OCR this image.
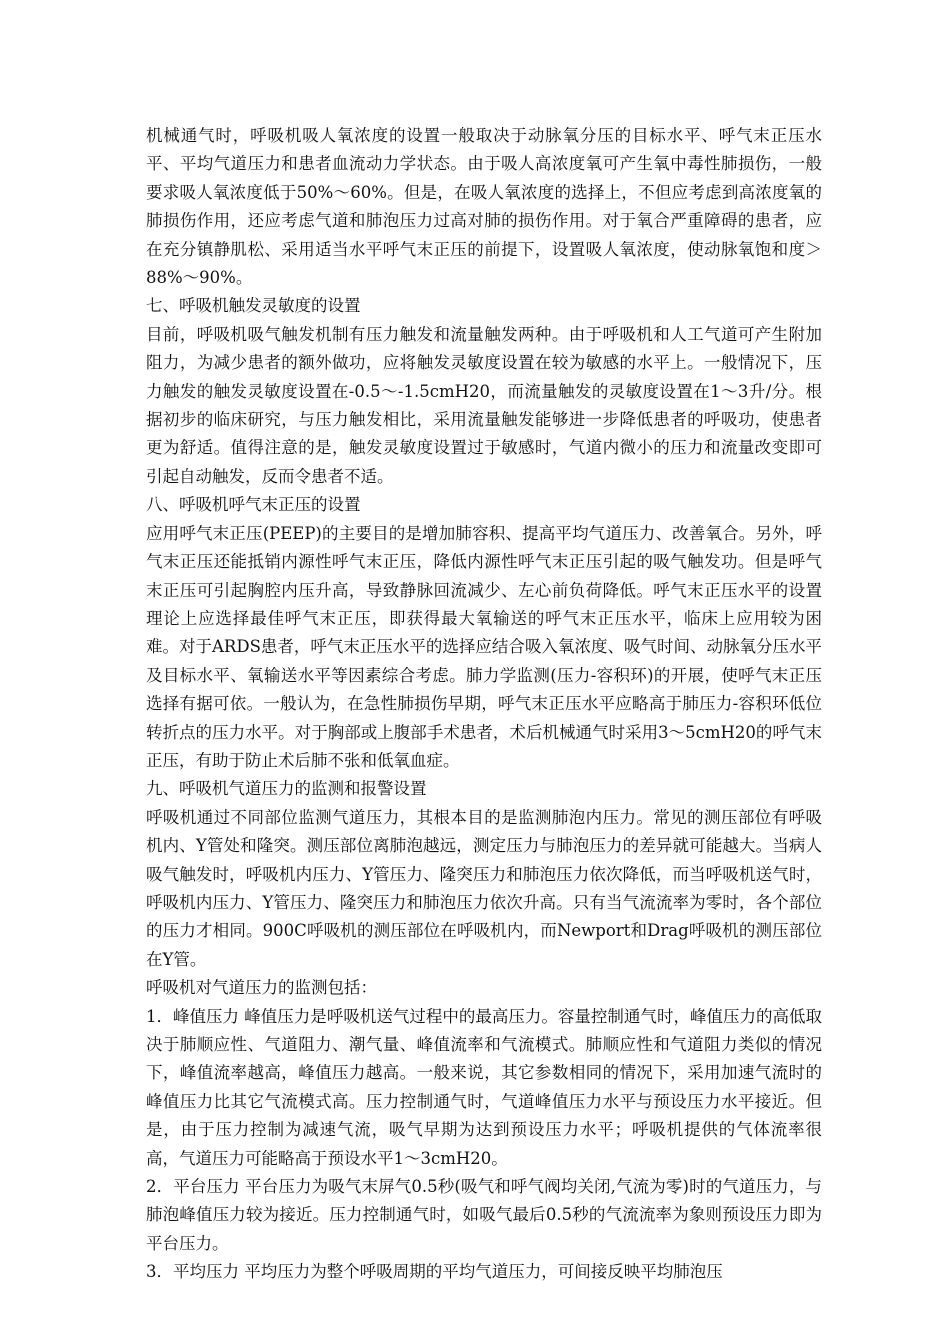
机械通气时，呼吸机吸人氧浓度的设置一般取决于动脉氧分压的目标水平、呼气末正压水平、平均气道压力和患者血流动力学状态。由于吸人高浓度氧可产生氧中毒性肺损伤，一般要求吸人氧浓度低于50%～60%。但是，在吸人氧浓度的选择上，不但应考虑到高浓度氧的肺损伤作用，还应考虑气道和肺泡压力过高对肺的损伤作用。对于氧合严重障碍的患者，应在充分镇静肌松、采用适当水平呼气末正压的前提下，设置吸人氧浓度，使动脉氧饱和度＞88%～90%。

七、呼吸机触发灵敏度的设置

目前，呼吸机吸气触发机制有压力触发和流量触发两种。由于呼吸机和人工气道可产生附加阻力，为减少患者的额外做功，应将触发灵敏度设置在较为敏感的水平上。一般情况下，压力触发的触发灵敏度设置在-0.5～-1.5cmH20，而流量触发的灵敏度设置在1～3升/分。根据初步的临床研究，与压力触发相比，采用流量触发能够进一步降低患者的呼吸功，使患者更为舒适。值得注意的是，触发灵敏度设置过于敏感时，气道内微小的压力和流量改变即可引起自动触发，反而令患者不适。

八、呼吸机呼气末正压的设置

应用呼气末正压(PEEP)的主要目的是增加肺容积、提高平均气道压力、改善氧合。另外，呼气末正压还能抵销内源性呼气末正压，降低内源性呼气末正压引起的吸气触发功。但是呼气末正压可引起胸腔内压升高，导致静脉回流减少、左心前负荷降低。呼气末正压水平的设置理论上应选择最佳呼气末正压，即获得最大氧输送的呼气末正压水平，临床上应用较为困难。对于ARDS患者，呼气末正压水平的选择应结合吸入氧浓度、吸气时间、动脉氧分压水平及目标水平、氧输送水平等因素综合考虑。肺力学监测(压力-容积环)的开展，使呼气末正压选择有据可依。一般认为，在急性肺损伤早期，呼气末正压水平应略高于肺压力-容积环低位转折点的压力水平。对于胸部或上腹部手术患者，术后机械通气时采用3～5cmH20的呼气末正压，有助于防止术后肺不张和低氧血症。

九、呼吸机气道压力的监测和报警设置

呼吸机通过不同部位监测气道压力，其根本目的是监测肺泡内压力。常见的测压部位有呼吸机内、Y管处和隆突。测压部位离肺泡越远，测定压力与肺泡压力的差异就可能越大。当病人吸气触发时，呼吸机内压力、Y管压力、隆突压力和肺泡压力依次降低，而当呼吸机送气时，呼吸机内压力、Y管压力、隆突压力和肺泡压力依次升高。只有当气流流率为零时，各个部位的压力才相同。900C呼吸机的测压部位在呼吸机内，而Newport和Drag呼吸机的测压部位在Y管。

呼吸机对气道压力的监测包括：

1．峰值压力 峰值压力是呼吸机送气过程中的最高压力。容量控制通气时，峰值压力的高低取决于肺顺应性、气道阻力、潮气量、峰值流率和气流模式。肺顺应性和气道阻力类似的情况下，峰值流率越高，峰值压力越高。一般来说，其它参数相同的情况下，采用加速气流时的峰值压力比其它气流模式高。压力控制通气时，气道峰值压力水平与预设压力水平接近。但是，由于压力控制为减速气流，吸气早期为达到预设压力水平；呼吸机提供的气体流率很高，气道压力可能略高于预设水平1～3cmH20。

2．平台压力 平台压力为吸气末屏气0.5秒(吸气和呼气阀均关闭,气流为零)时的气道压力，与肺泡峰值压力较为接近。压力控制通气时，如吸气最后0.5秒的气流流率为象则预设压力即为平台压力。

3．平均压力 平均压力为整个呼吸周期的平均气道压力，可间接反映平均肺泡压
